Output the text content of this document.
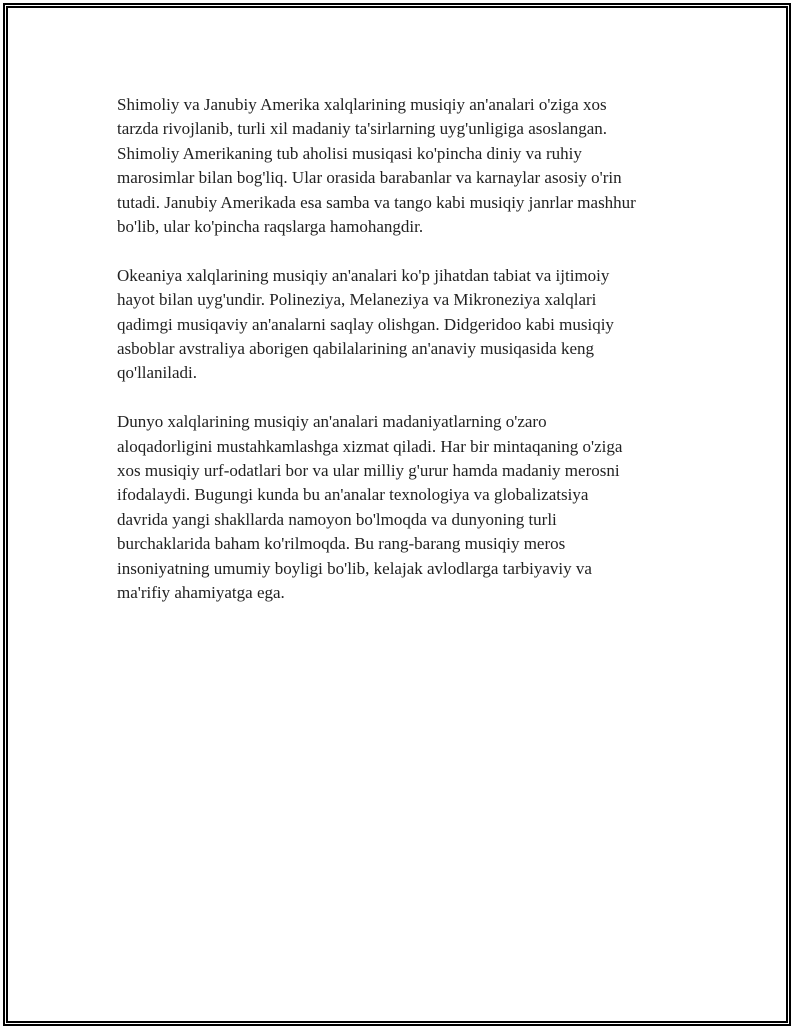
Shimoliy va Janubiy Amerika xalqlarining musiqiy an'analari o'ziga xos
tarzda rivojlanib, turli xil madaniy ta'sirlarning uyg'unligiga asoslangan.
Shimoliy Amerikaning tub aholisi musiqasi ko'pincha diniy va ruhiy
marosimlar bilan bog'liq. Ular orasida barabanlar va karnaylar asosiy o'rin
tutadi. Janubiy Amerikada esa samba va tango kabi musiqiy janrlar mashhur
bo'lib, ular ko'pincha raqslarga hamohangdir.

Okeaniya xalqlarining musiqiy an'analari ko'p jihatdan tabiat va ijtimoiy
hayot bilan uyg'undir. Polineziya, Melaneziya va Mikroneziya xalqlari
qadimgi musiqaviy an'analarni saqlay olishgan. Didgeridoo kabi musiqiy
asboblar avstraliya aborigen qabilalarining an'anaviy musiqasida keng
qo'llaniladi.

Dunyo xalqlarining musiqiy an'analari madaniyatlarning o'zaro
aloqadorligini mustahkamlashga xizmat qiladi. Har bir mintaqaning o'ziga
xos musiqiy urf-odatlari bor va ular milliy g'urur hamda madaniy merosni
ifodalaydi. Bugungi kunda bu an'analar texnologiya va globalizatsiya
davrida yangi shakllarda namoyon bo'lmoqda va dunyoning turli
burchaklarida baham ko'rilmoqda. Bu rang-barang musiqiy meros
insoniyatning umumiy boyligi bo'lib, kelajak avlodlarga tarbiyaviy va
ma'rifiy ahamiyatga ega.
